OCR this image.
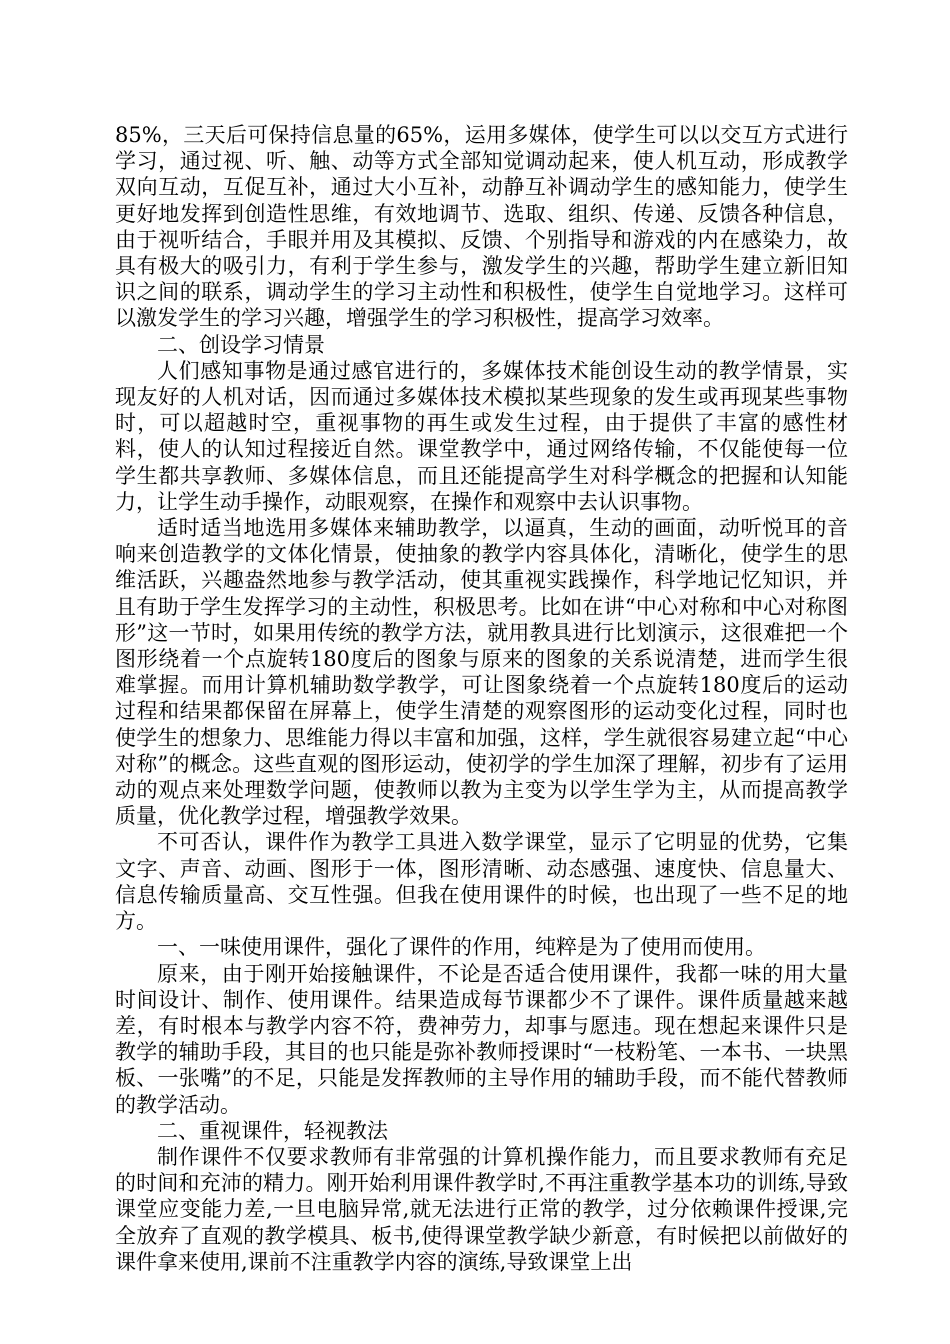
85%，三天后可保持信息量的65%，运用多媒体，使学生可以以交互方式进行学习，通过视、听、触、动等方式全部知觉调动起来，使人机互动，形成教学双向互动，互促互补，通过大小互补，动静互补调动学生的感知能力，使学生更好地发挥到创造性思维，有效地调节、选取、组织、传递、反馈各种信息，由于视听结合，手眼并用及其模拟、反馈、个别指导和游戏的内在感染力，故具有极大的吸引力，有利于学生参与，激发学生的兴趣，帮助学生建立新旧知识之间的联系，调动学生的学习主动性和积极性，使学生自觉地学习。这样可以激发学生的学习兴趣，增强学生的学习积极性，提高学习效率。

二、创设学习情景

人们感知事物是通过感官进行的，多媒体技术能创设生动的教学情景，实现友好的人机对话，因而通过多媒体技术模拟某些现象的发生或再现某些事物时，可以超越时空，重视事物的再生或发生过程，由于提供了丰富的感性材料，使人的认知过程接近自然。课堂教学中，通过网络传输，不仅能使每一位学生都共享教师、多媒体信息，而且还能提高学生对科学概念的把握和认知能力，让学生动手操作，动眼观察，在操作和观察中去认识事物。

适时适当地选用多媒体来辅助教学，以逼真，生动的画面，动听悦耳的音响来创造教学的文体化情景，使抽象的教学内容具体化，清晰化，使学生的思维活跃，兴趣盎然地参与教学活动，使其重视实践操作，科学地记忆知识，并且有助于学生发挥学习的主动性，积极思考。比如在讲“中心对称和中心对称图形”这一节时，如果用传统的教学方法，就用教具进行比划演示，这很难把一个图形绕着一个点旋转180度后的图象与原来的图象的关系说清楚，进而学生很难掌握。而用计算机辅助数学教学，可让图象绕着一个点旋转180度后的运动过程和结果都保留在屏幕上，使学生清楚的观察图形的运动变化过程，同时也使学生的想象力、思维能力得以丰富和加强，这样，学生就很容易建立起“中心对称”的概念。这些直观的图形运动，使初学的学生加深了理解，初步有了运用动的观点来处理数学问题，使教师以教为主变为以学生学为主，从而提高教学质量，优化教学过程，增强教学效果。

不可否认，课件作为教学工具进入数学课堂，显示了它明显的优势，它集文字、声音、动画、图形于一体，图形清晰、动态感强、速度快、信息量大、信息传输质量高、交互性强。但我在使用课件的时候，也出现了一些不足的地方。

一、一味使用课件，强化了课件的作用，纯粹是为了使用而使用。

原来，由于刚开始接触课件，不论是否适合使用课件，我都一味的用大量时间设计、制作、使用课件。结果造成每节课都少不了课件。课件质量越来越差，有时根本与教学内容不符，费神劳力，却事与愿违。现在想起来课件只是教学的辅助手段，其目的也只能是弥补教师授课时“一枝粉笔、一本书、一块黑板、一张嘴”的不足，只能是发挥教师的主导作用的辅助手段，而不能代替教师的教学活动。

二、重视课件，轻视教法

制作课件不仅要求教师有非常强的计算机操作能力，而且要求教师有充足的时间和充沛的精力。刚开始利用课件教学时,不再注重教学基本功的训练,导致课堂应变能力差,一旦电脑异常,就无法进行正常的教学，过分依赖课件授课,完全放弃了直观的教学模具、板书,使得课堂教学缺少新意，有时候把以前做好的课件拿来使用,课前不注重教学内容的演练,导致课堂上出
